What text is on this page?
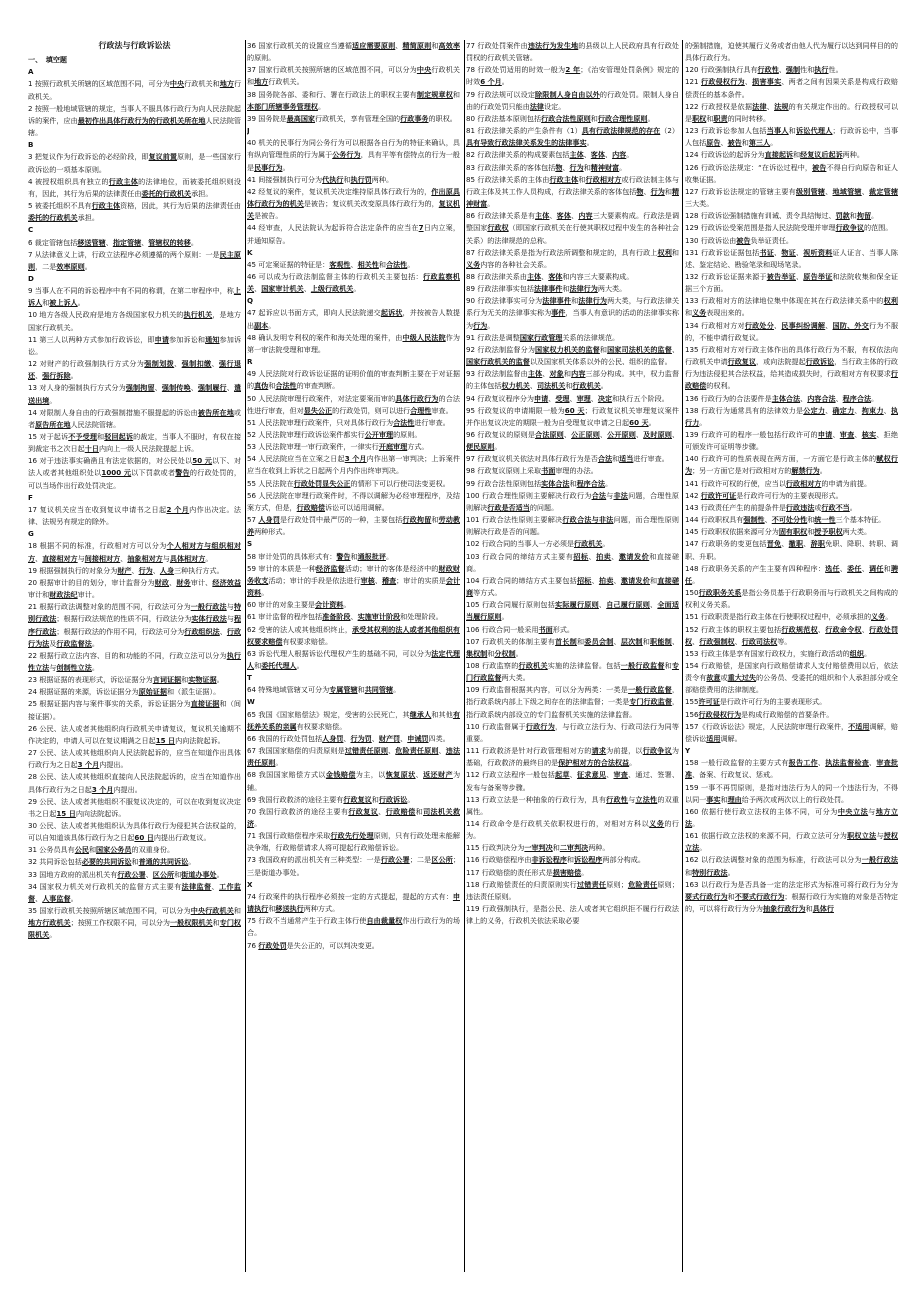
行政法与行政诉讼法
一、　填空题
A
1 按照行政机关所辖的区域范围不同，可分为中央行政机关和地方行政机关。
2 按照一般地域管辖的规定，当事人不服具体行政行为向人民法院起诉的案件，应由最初作出具体行政行为的行政机关所在地人民法院管辖。
B
3 把复议作为行政诉讼的必经阶段，即复议前置原则，是一些国家行政诉讼的一项基本原则。
4 被授权组织具有独立的行政主体的法律地位，而被委托组织则没有，因此，其行为后果的法律责任由委托的行政机关承担。
5 被委托组织不具有行政主体资格，因此，其行为后果的法律责任由委托的行政机关承担。
C
6 裁定管辖包括移送管辖、指定管辖、管辖权的转移。
7 从法律意义上讲，行政立法程序必须遵循的两个原则：一是民主原则，二是效率原则。
D
9 当事人在不同的诉讼程序中有不同的称谓，在第二审程序中，称上诉人和被上诉人。
10 地方各级人民政府是地方各级国家权力机关的执行机关，是地方国家行政机关。
11 第三人以两种方式参加行政诉讼，即申请参加诉讼和通知参加诉讼。
12 对财产的行政强制执行方式分为强制划拨、强制扣缴、强行退还、强行拆除。
13 对人身的强制执行方式分为强制拘留、强制传唤、强制履行、遣送出境。
14 对限制人身自由的行政强制措施不服提起的诉讼由被告所在地或者原告所在地人民法院管辖。
15 对于起诉不予受理和驳回起诉的裁定，当事人不服时，有权在接到裁定书之次日起十日内向上一级人民法院提起上诉。
16 对于违法事实确凿且有法定依据的，对公民处以50 元以下、对法人或者其他组织处以1000 元以下罚款或者警告的行政处罚的，可以当场作出行政处罚决定。
F
17 复议机关应当在收到复议申请书之日起2 个月内作出决定。法律、法规另有规定的除外。
G
18 根据不同的标准，行政相对方可以分为个人相对方与组织相对方、直接相对方与间接相对方、抽象相对方与具体相对方。
19 根据强制执行的对象分为财产、行为、人身三种执行方式。
20 根据审计的目的划分，审计监督分为财政、财务审计、经济效益审计和财政法纪审计。
21 根据行政法调整对象的范围不同，行政法可分为一般行政法与特别行政法；根据行政法规范的性质不同，行政法分为实体行政法与程序行政法；根据行政法的作用不同，行政法可分为行政组织法、行政行为法及行政监督法。
22 根据行政立法内容、目的和功能的不同，行政立法可以分为执行性立法与创制性立法。
23 根据证据的表现形式，诉讼证据分为言词证据和实物证据。
24 根据证据的来源，诉讼证据分为原始证据和（派生证据）。
25 根据证据内容与案件事实的关系，诉讼证据分为直接证据和（间接证据）。
26 公民、法人或者其他组织向行政机关申请复议，复议机关逾期不作决定的，申请人可以在复议期满之日起15 日内向法院起诉。
27 公民、法人或其他组织向人民法院起诉的，应当在知道作出具体行政行为之日起3 个月内提出。
28 公民、法人或其他组织直接向人民法院起诉的，应当在知道作出具体行政行为之日起3 个月内提出。
29 公民、法人或者其他组织不服复议决定的，可以在收到复议决定书之日起15 日内向法院起诉。
30 公民、法人或者其他组织认为具体行政行为侵犯其合法权益的，可以自知道该具体行政行为之日起60 日内提出行政复议。
31 公务员具有公民和国家公务员的双重身份。
32 共同诉讼包括必要的共同诉讼和普通的共同诉讼。
33 国地方政府的派出机关有行政公署、区公所和街道办事处。
34 国家权力机关对行政机关的监督方式主要有法律监督、工作监督、人事监督。
35 国家行政机关按照所辖区域范围不同，可以分为中央行政机关和地方行政机关；按照工作权限不同，可以分为一般权限机关和专门权限机关。
36 国家行政机关的设置应当遵循适应需要原则、精简原则和高效率的原则。
37 国家行政机关按照所辖的区域范围不同，可以分为中央行政机关和地方行政机关。
38 国务院各部、委和行、署在行政法上的职权主要有制定规章权和本部门所辖事务管理权。
39 国务院是最高国家行政机关，享有管理全国的行政事务的职权。
J
40 机关的民事行为同公务行为可以根据各自行为的特征来确认，具有纵向管理性质的行为属于公务行为，具有平等有偿特点的行为一般是民事行为。
41 间接强制执行可分为代执行和执行罚两种。
42 经复议的案件，复议机关决定维持原具体行政行为的，作出原具体行政行为的机关是被告；复议机关改变原具体行政行为的，复议机关是被告。
44 经审查，人民法院认为起诉符合法定条件的应当在7日内立案，并通知原告。
K
45 可定案证据的特征是：客观性、相关性和合法性。
46 可以成为行政法制监督主体的行政机关主要包括：行政监察机关、国家审计机关、上级行政机关。
Q
47 起诉应以书面方式，即向人民法院递交起诉状，并按被告人数提出副本。
48 确认发明专利权的案件和海关处理的案件，由中级人民法院作为第一审法院受理和审理。
R
49 人民法院对行政诉讼证据的证明价值的审查判断主要在于对证据的真伪和合法性的审查判断。
50 人民法院审理行政案件，对法定要案而审的具体行政行为的合法性进行审查，但对显失公正的行政处罚，则可以进行合理性审查。
51 人民法院审理行政案件，只对具体行政行为合法性进行审查。
52 人民法院审理行政诉讼案件都实行公开审理的原则。
53 人民法院审理一审行政案件，一律实行开庭审理方式。
54 人民法院应当在立案之日起3 个月内作出第一审判决；上诉案件应当在收到上诉状之日起两个月内作出终审判决。
55 人民法院在行政处罚显失公正的情形下可以行使司法变更权。
56 人民法院在审理行政案件时，不得以调解为必经审理程序，及结案方式，但是，行政赔偿诉讼可以适用调解。
57 人身罚是行政处罚中最严厉的一种，主要包括行政拘留和劳动教养两种形式。
S
58 审计处罚的具体形式有：警告和通报批评。
59 审计的本质是一种经济监督活动；审计的客体是经济中的财政财务收支活动；审计的手段是依法进行审核、稽查；审计的实质是会计资料。
60 审计的对象主要是会计资料。
61 审计监督的程序包括准备阶段、实施审计阶段和处理阶段。
62 受害的法人或其他组织终止，承受其权利的法人或者其他组织有权要求赔偿有权要求赔偿。
63 诉讼代理人根据诉讼代理权产生的基础不同，可以分为法定代理人和委托代理人。
T
64 特殊地域管辖又可分为专属管辖和共同管辖。
W
65 我国《国家赔偿法》规定，受害的公民死亡，其继承人和其他有抚养关系的亲属有权要求赔偿。
66 我国的行政处罚包括人身罚、行为罚、财产罚、申诫罚四类。
67 我国国家赔偿的归责原则是过错责任原则、危险责任原则、违法责任原则。
68 我国国家赔偿方式以金钱赔偿为主，以恢复原状、返还财产为辅。
69 我国行政救济的途径主要有行政复议和行政诉讼。
70 我国行政救济的途径主要有行政复议、行政赔偿和司法机关救济。
71 我国行政赔偿程序采取行政先行处理原则，只有行政处理未能解决争端，行政赔偿请求人将可提起行政赔偿诉讼。
73 我国政府的派出机关有三种类型：一是行政公署；二是区公所；三是街道办事处。
X
74 行政案件的执行程序必须按一定的方式提起，提起的方式有：申请执行和移送执行两种方式。
75 行政不当通常产生于行政主体行使自由裁量权作出行政行为的场合。
76 行政处罚是失公正的，可以判决变更。
77 行政处罚案件由违法行为发生地的县级以上人民政府具有行政处罚权的行政机关管辖。
78 行政处罚适用的时效一般为2 年；《治安管理处罚条例》规定的时效6 个月。
79 行政法规可以设定除限制人身自由以外的行政处罚。限制人身自由的行政处罚只能由法律设定。
80 行政法基本原则包括行政合法性原则和行政合理性原则。
81 行政法律关系的产生条件有（1）具有行政法律规范的存在（2）具有导致行政法律关系发生的法律事实。
82 行政法律关系的构成要素包括主体、客体、内容。
83 行政法律关系的客体包括物、行为和精神财富。
85 行政法律关系的主体由行政主体和行政相对方或行政法制主体与行政主体及其工作人员构成，行政法律关系的客体包括物、行为和精神财富。
86 行政法律关系是有主体、客体、内容三大要素构成。行政法是调整国家行政权（即国家行政机关在行使其职权过程中发生的各种社会关系）的法律规范的总称。
87 行政法律关系是指为行政法所调整和规定的，具有行政上权利和义务内容的各种社会关系。
88 行政法律关系由主体、客体和内容三大要素构成。
89 行政法律事实包括法律事件和法律行为两大类。
90 行政法律事实可分为法律事件和法律行为两大类，与行政法律关系行为无关的法律事实称为事件，当事人有意识的活动的法律事实称为行为。
91 行政法是调整国家行政管理关系的法律规范。
92 行政法制监督分为国家权力机关的监督和国家司法机关的监督、国家行政机关的监督以及国家机关体系以外的公民、组织的监督。
93 行政法制监督由主体、对象和内容三部分构成。其中，权力监督的主体包括权力机关、司法机关和行政机关。
94 行政复议程序分为申请、受理、审理、决定和执行五个阶段。
95 行政复议的申请期限一般为60 天；行政复议机关审理复议案件并作出复议决定的期限一般为自受理复议申请之日起60 天。
96 行政复议的原则是合法原则、公正原则、公开原则、及时原则、便民原则。
97 行政复议机关依法对具体行政行为是否合法和适当进行审查。
98 行政复议原则上采取书面审理的办法。
99 行政合法性原则包括实体合法和程序合法。
100 行政合理性原则主要解决行政行为合法与非法问题，合理性原则解决行政是否适当的问题。
101 行政合法性原则主要解决行政合法与非法问题，而合理性原则则解决行政是否的问题。
102 行政合同的当事人一方必须是行政机关。
103 行政合同的缔结方式主要有招标、拍卖、邀请发价和直接磋商。
104 行政合同的缔结方式主要包括招标、拍卖、邀请发价和直接磋商等方式。
105 行政合同履行原则包括实际履行原则、自己履行原则、全面适当履行原则。
106 行政合同一般采用书面形式。
107 行政机关的体制主要有首长制和委员会制、层次制和职能制、集权制和分权制。
108 行政监察的行政机关实施的法律监督。包括一般行政监督和专门行政监督两大类。
109 行政监督根据其内容，可以分为两类：一类是一般行政监督，指行政系统内部上下级之间存在的法律监督；一类是专门行政监督，指行政系统内部设立的专门监督机关实施的法律监督。
110 行政监督属于行政行为，与行政立法行为、行政司法行为同等重要。
111 行政救济是针对行政管理相对方的请求为前提，以行政争议为基础，行政救济的最终目的是保护相对方的合法权益。
112 行政立法程序一般包括起草、征求意见、审查、通过、签署、发布与备案等步骤。
113 行政立法是一种抽象的行政行为，具有行政性与立法性的双重属性。
114 行政命令是行政机关依职权进行的，对相对方科以义务的行为。
115 行政判决分为一审判决和二审判决两种。
116 行政赔偿程序由非诉讼程序和诉讼程序两部分构成。
117 行政赔偿的责任形式是损害赔偿。
118 行政赔偿责任的归责原则实行过错责任原则；危险责任原则；违法责任原则。
119 行政强制执行，是指公民、法人或者其它组织拒不履行行政法律上的义务，行政机关依法采取必要
的强制措施，迫使其履行义务或者由他人代为履行以达到同样目的的具体行政行为。
120 行政强制执行具有行政性、强制性和执行性。
121 行政侵权行为、损害事实、两者之间有因果关系是构成行政赔偿责任的基本条件。
122 行政授权是依据法律、法规的有关规定作出的。行政授权可以是职权和职责的同时转移。
123 行政诉讼参加人包括当事人和诉讼代理人；行政诉讼中，当事人包括原告、被告和第三人。
124 行政诉讼的起诉分为直接起诉和经复议后起诉两种。
126 行政诉讼法规定：“在诉讼过程中，被告不得自行向原告和证人收集证据。
127 行政诉讼法规定的管辖主要有级别管辖、地域管辖、裁定管辖三大类。
128 行政诉讼强制措施有训诫、责令具结悔过、罚款和拘留。
129 行政诉讼受案范围是指人民法院受理并审理行政争议的范围。
130 行政诉讼由被告负举证责任。
131 行政诉讼证据包括书证、物证、视听资料证人证言、当事人陈述、鉴定结论、勘验笔录和现场笔录。
132 行政诉讼证据来源于被告举证、原告举证和法院收集和保全证据三个方面。
133 行政相对方的法律地位集中体现在其在行政法律关系中的权利和义务表现出来的。
134 行政相对方对行政处分、民事纠纷调解、国防、外交行为不服的，不能申请行政复议。
135 行政相对方对行政主体作出的具体行政行为不服，有权依法向行政机关申请行政复议，或向法院提起行政诉讼，当行政主体的行政行为违法侵犯其合法权益，给其造成损失时，行政相对方有权要求行政赔偿的权利。
136 行政行为的合法要件是主体合法、内容合法、程序合法。
138 行政行为通常具有的法律效力是公定力、确定力、拘束力、执行力。
139 行政许可的程序一般包括行政许可的申请、审查、核实、拒绝可颁发许可证明等步骤。
140 行政许可的性质表现在两方面，一方面它是行政主体的赋权行为；另一方面它是对行政相对方的解禁行为。
141 行政许可权的行使，应当以行政相对方的申请为前提。
142 行政许可证是行政许可行为的主要表现形式。
143 行政责任产生的前提条件是行政违法或行政不当。
144 行政职权具有强制性、不可处分性和统一性三个基本特征。
145 行政职权依据来源可分为固有职权和授予职权两大类。
147 行政职务的变更包括晋免、撤职、辞职免职、降职、转职、调职、升职。
148 行政职务关系的产生主要有四种程序：选任、委任、调任和聘任。
150行政职务关系是指公务员基于行政职务而与行政机关之间构成的权利义务关系。
151 行政职责是指行政主体在行使职权过程中，必须承担的义务。
152 行政主体的职权主要包括行政规范权、行政命令权、行政处罚权、行政强制权、行政司法权等。
153 行政主体是享有国家行政权力，实施行政活动的组织。
154 行政赔偿，是国家向行政赔偿请求人支付赔偿费用以后，依法责令有故意或重大过失的公务员、受委托的组织和个人承担部分或全部赔偿费用的法律制度。
155许可证是行政许可行为的主要表现形式。
156行政侵权行为是构成行政赔偿的首要条件。
157《行政诉讼法》规定，人民法院审理行政案件，不适用调解，赔偿诉讼适用调解。
Y
158 一般行政监督的主要方式有报告工作、执法监督检查、审查批准、备案、行政复议、惩戒。
159 一事不再罚原则，是指对违法行为人的同一个违法行为，不得以同一事实和理由给予两次或两次以上的行政处罚。
160 依据行使行政立法权的主体不同，可分为中央立法与地方立法。
161 依据行政立法权的来源不同，行政立法可分为职权立法与授权立法。
162 以行政法调整对象的范围为标准，行政法可以分为一般行政法和特别行政法。
163 以行政行为是否具备一定的法定形式为标准可将行政行为分为要式行政行为和不要式行政行为；根据行政行为实施的对象是否特定的，可以将行政行为分为抽象行政行为和具体行
